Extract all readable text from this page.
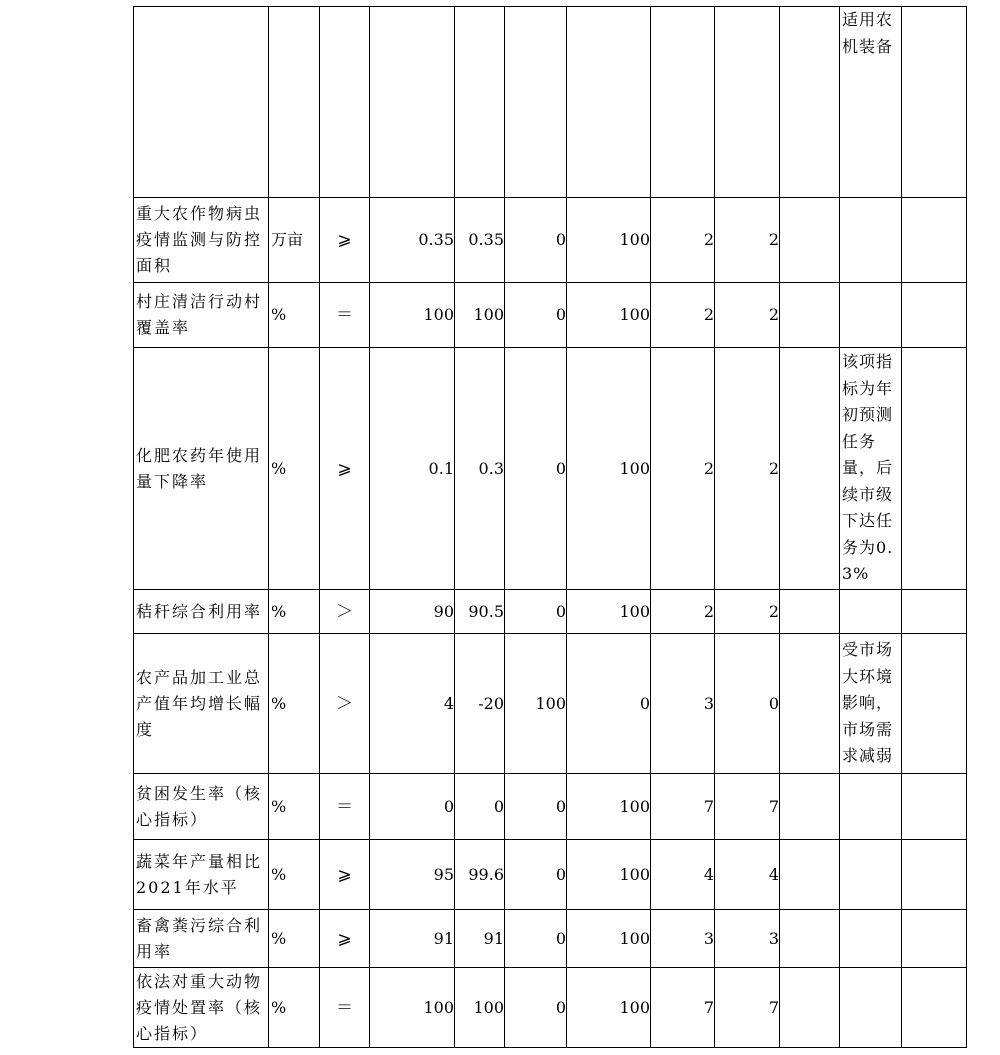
										适用农机装备	
重大农作物病虫疫情监测与防控面积	万亩	⩾	0.35	0.35	0	100	2	2			
村庄清洁行动村覆盖率	%	＝	100	100	0	100	2	2			
化肥农药年使用量下降率	%	⩾	0.1	0.3	0	100	2	2		该项指标为年初预测任务量，后续市级下达任务为0.3%	
秸秆综合利用率	%	＞	90	90.5	0	100	2	2			
农产品加工业总产值年均增长幅度	%	＞	4	-20	100	0	3	0		受市场大环境影响，市场需求减弱	
贫困发生率（核心指标）	%	＝	0	0	0	100	7	7			
蔬菜年产量相比2021年水平	%	⩾	95	99.6	0	100	4	4			
畜禽粪污综合利用率	%	⩾	91	91	0	100	3	3			
依法对重大动物疫情处置率（核心指标）	%	＝	100	100	0	100	7	7			
